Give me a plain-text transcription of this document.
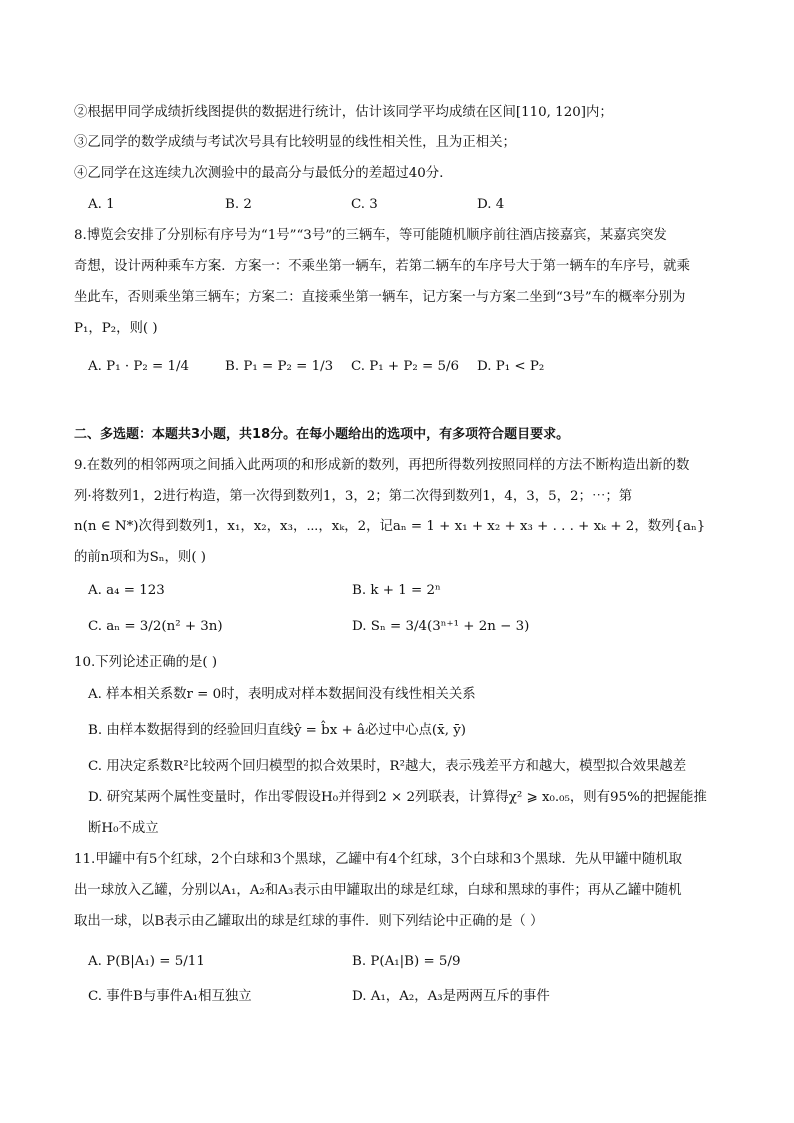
②根据甲同学成绩折线图提供的数据进行统计，估计该同学平均成绩在区间[110, 120]内；
③乙同学的数学成绩与考试次号具有比较明显的线性相关性，且为正相关；
④乙同学在这连续九次测验中的最高分与最低分的差超过40分．
A. 1	B. 2	C. 3	D. 4
8.博览会安排了分别标有序号为“1号”“3号”的三辆车，等可能随机顺序前往酒店接嘉宾，某嘉宾突发
奇想，设计两种乘车方案．方案一：不乘坐第一辆车，若第二辆车的车序号大于第一辆车的车序号，就乘
坐此车，否则乘坐第三辆车；方案二：直接乘坐第一辆车，记方案一与方案二坐到“3号”车的概率分别为
P₁，P₂，则( )
A. P₁ · P₂ = 1/4	B. P₁ = P₂ = 1/3 C. P₁ + P₂ = 5/6 D. P₁ < P₂
二、多选题：本题共3小题，共18分。在每小题给出的选项中，有多项符合题目要求。
9.在数列的相邻两项之间插入此两项的和形成新的数列，再把所得数列按照同样的方法不断构造出新的数
列·将数列1，2进行构造，第一次得到数列1，3，2；第二次得到数列1，4，3，5，2；⋯；第
n(n ∈ N*)次得到数列1，x₁，x₂，x₃，⋯，xₖ，2，记aₙ = 1 + x₁ + x₂ + x₃ + . . . + xₖ + 2，数列{aₙ}
的前n项和为Sₙ，则( )
A. a₄ = 123	B. k + 1 = 2ⁿ
C. aₙ = 3/2(n² + 3n)	D. Sₙ = 3/4(3ⁿ⁺¹ + 2n − 3)
10.下列论述正确的是( )
A. 样本相关系数r = 0时，表明成对样本数据间没有线性相关关系
B. 由样本数据得到的经验回归直线ŷ = b̂x + â必过中心点(x̄, ȳ)
C. 用决定系数R²比较两个回归模型的拟合效果时，R²越大，表示残差平方和越大，模型拟合效果越差
D. 研究某两个属性变量时，作出零假设H₀并得到2 × 2列联表，计算得χ² ⩾ x₀.₀₅，则有95%的把握能推
断H₀不成立
11.甲罐中有5个红球，2个白球和3个黑球，乙罐中有4个红球，3个白球和3个黑球．先从甲罐中随机取
出一球放入乙罐，分别以A₁，A₂和A₃表示由甲罐取出的球是红球，白球和黑球的事件；再从乙罐中随机
取出一球，以B表示由乙罐取出的球是红球的事件．则下列结论中正确的是（ ）
A. P(B|A₁) = 5/11	B. P(A₁|B) = 5/9
C. 事件B与事件A₁相互独立	D. A₁，A₂，A₃是两两互斥的事件
